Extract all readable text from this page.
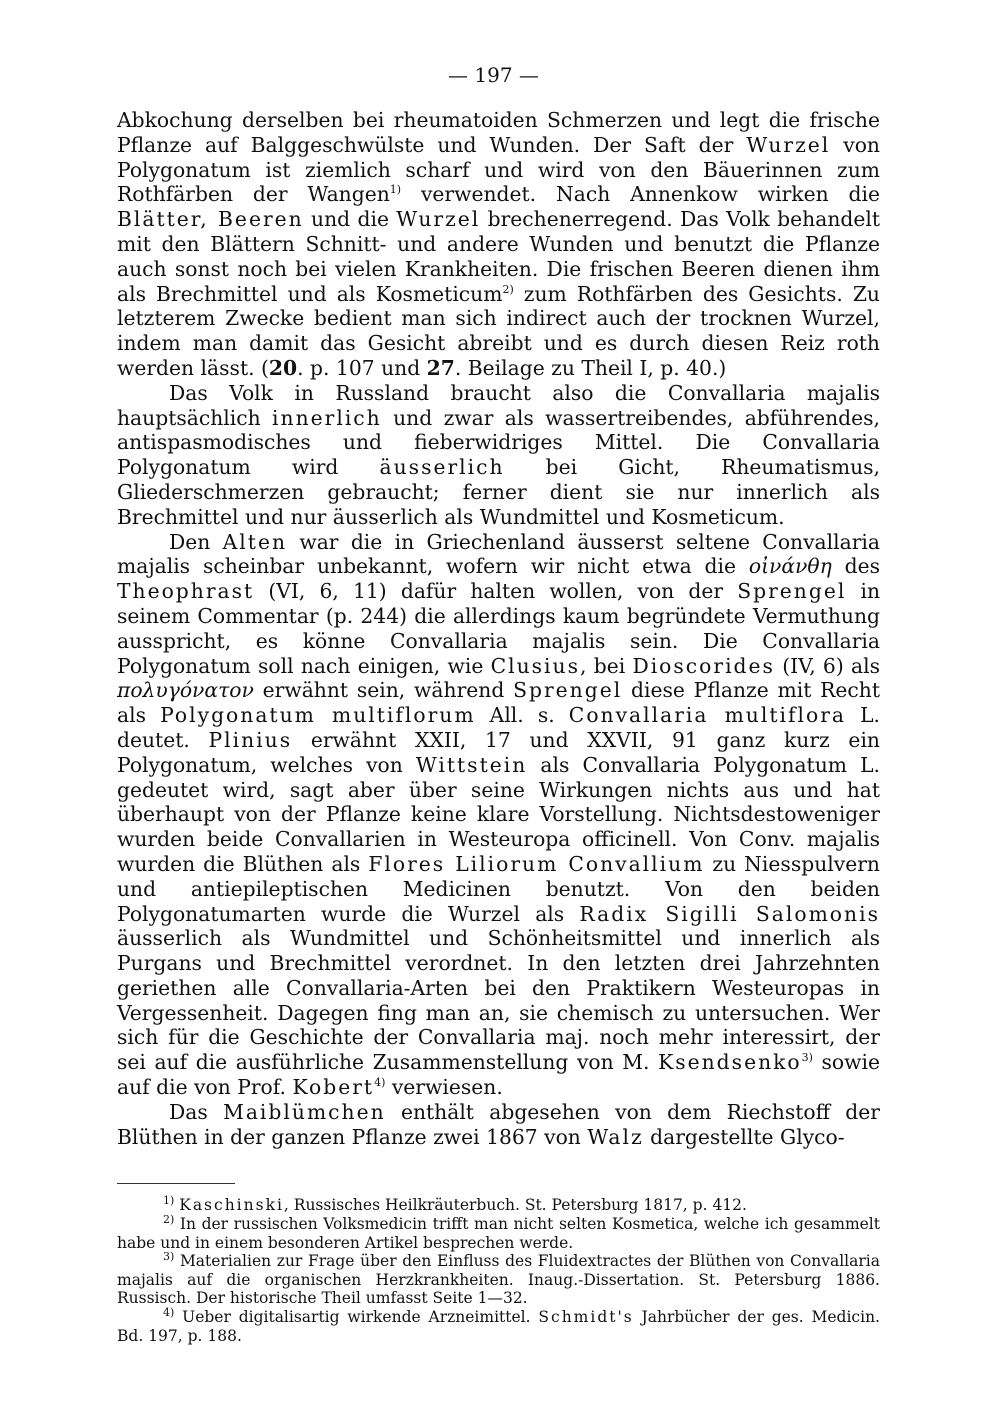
— 197 —

Abkochung derselben bei rheumatoiden Schmerzen und legt die frische Pflanze auf Balggeschwülste und Wunden. Der Saft der Wurzel von Polygonatum ist ziemlich scharf und wird von den Bäuerinnen zum Rothfärben der Wangen$^{1)}$ verwendet. Nach Annenkow wirken die Blätter, Beeren und die Wurzel brechenerregend. Das Volk behandelt mit den Blättern Schnitt- und andere Wunden und benutzt die Pflanze auch sonst noch bei vielen Krankheiten. Die frischen Beeren dienen ihm als Brechmittel und als Kosmeticum$^{2)}$ zum Rothfärben des Gesichts. Zu letzterem Zwecke bedient man sich indirect auch der trocknen Wurzel, indem man damit das Gesicht abreibt und es durch diesen Reiz roth werden lässt. (20. p. 107 und 27. Beilage zu Theil I, p. 40.)

Das Volk in Russland braucht also die Convallaria majalis hauptsächlich innerlich und zwar als wassertreibendes, abführendes, antispasmodisches und fieberwidriges Mittel. Die Convallaria Polygonatum wird äusserlich bei Gicht, Rheumatismus, Gliederschmerzen gebraucht; ferner dient sie nur innerlich als Brechmittel und nur äusserlich als Wundmittel und Kosmeticum.

Den Alten war die in Griechenland äusserst seltene Convallaria majalis scheinbar unbekannt, wofern wir nicht etwa die οἰνάνθη des Theophrast (VI, 6, 11) dafür halten wollen, von der Sprengel in seinem Commentar (p. 244) die allerdings kaum begründete Vermuthung ausspricht, es könne Convallaria majalis sein. Die Convallaria Polygonatum soll nach einigen, wie Clusius, bei Dioscorides (IV, 6) als πολυγόνατον erwähnt sein, während Sprengel diese Pflanze mit Recht als Polygonatum multiflorum All. s. Convallaria multiflora L. deutet. Plinius erwähnt XXII, 17 und XXVII, 91 ganz kurz ein Polygonatum, welches von Wittstein als Convallaria Polygonatum L. gedeutet wird, sagt aber über seine Wirkungen nichts aus und hat überhaupt von der Pflanze keine klare Vorstellung. Nichtsdestoweniger wurden beide Convallarien in Westeuropa officinell. Von Conv. majalis wurden die Blüthen als Flores Liliorum Convallium zu Niesspulvern und antiepileptischen Medicinen benutzt. Von den beiden Polygonatumarten wurde die Wurzel als Radix Sigilli Salomonis äusserlich als Wundmittel und Schönheitsmittel und innerlich als Purgans und Brechmittel verordnet. In den letzten drei Jahrzehnten geriethen alle Convallaria-Arten bei den Praktikern Westeuropas in Vergessenheit. Dagegen fing man an, sie chemisch zu untersuchen. Wer sich für die Geschichte der Convallaria maj. noch mehr interessirt, der sei auf die ausführliche Zusammenstellung von M. Ksendsenko$^{3)}$ sowie auf die von Prof. Kobert$^{4)}$ verwiesen.

Das Maiblümchen enthält abgesehen von dem Riechstoff der Blüthen in der ganzen Pflanze zwei 1867 von Walz dargestellte Glyco-

$^{1)}$ Kaschinski, Russisches Heilkräuterbuch. St. Petersburg 1817, p. 412.

$^{2)}$ In der russischen Volksmedicin trifft man nicht selten Kosmetica, welche ich gesammelt habe und in einem besonderen Artikel besprechen werde.

$^{3)}$ Materialien zur Frage über den Einfluss des Fluidextractes der Blüthen von Convallaria majalis auf die organischen Herzkrankheiten. Inaug.-Dissertation. St. Petersburg 1886. Russisch. Der historische Theil umfasst Seite 1—32.

$^{4)}$ Ueber digitalisartig wirkende Arzneimittel. Schmidt's Jahrbücher der ges. Medicin. Bd. 197, p. 188.
